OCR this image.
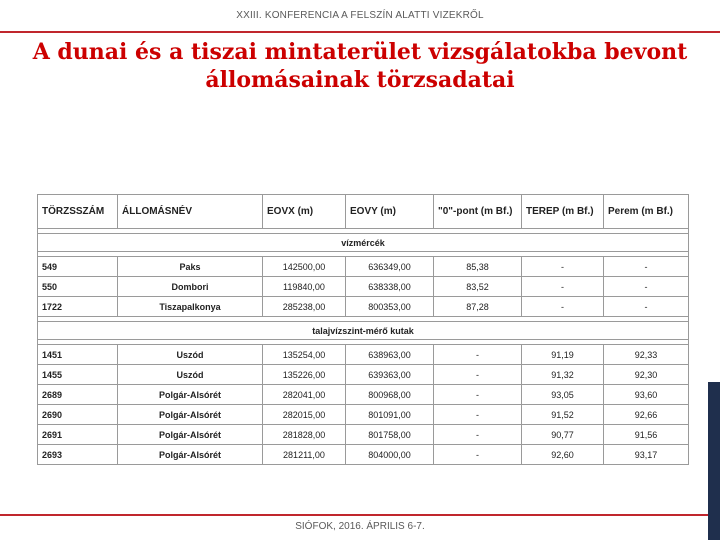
XXIII. KONFERENCIA A FELSZÍN ALATTI VIZEKRŐL
A dunai és a tiszai mintaterület vizsgálatokba bevont
állomásainak törzsadatai
TÖRZSSZÁM	ÁLLOMÁSNÉV	EOVX (m)	EOVY (m)	"0"-pont (m Bf.)	TEREP (m Bf.)	Perem (m Bf.)

vízmércék						

549	Paks	142500,00	636349,00	85,38	-	-
550	Dombori	119840,00	638338,00	83,52	-	-
1722	Tiszapalkonya	285238,00	800353,00	87,28	-	-

talajvízszint-mérő kutak						

1451	Uszód	135254,00	638963,00	-	91,19	92,33
1455	Uszód	135226,00	639363,00	-	91,32	92,30
2689	Polgár-Alsórét	282041,00	800968,00	-	93,05	93,60
2690	Polgár-Alsórét	282015,00	801091,00	-	91,52	92,66
2691	Polgár-Alsórét	281828,00	801758,00	-	90,77	91,56
2693	Polgár-Alsórét	281211,00	804000,00	-	92,60	93,17
SIÓFOK, 2016. ÁPRILIS 6-7.
